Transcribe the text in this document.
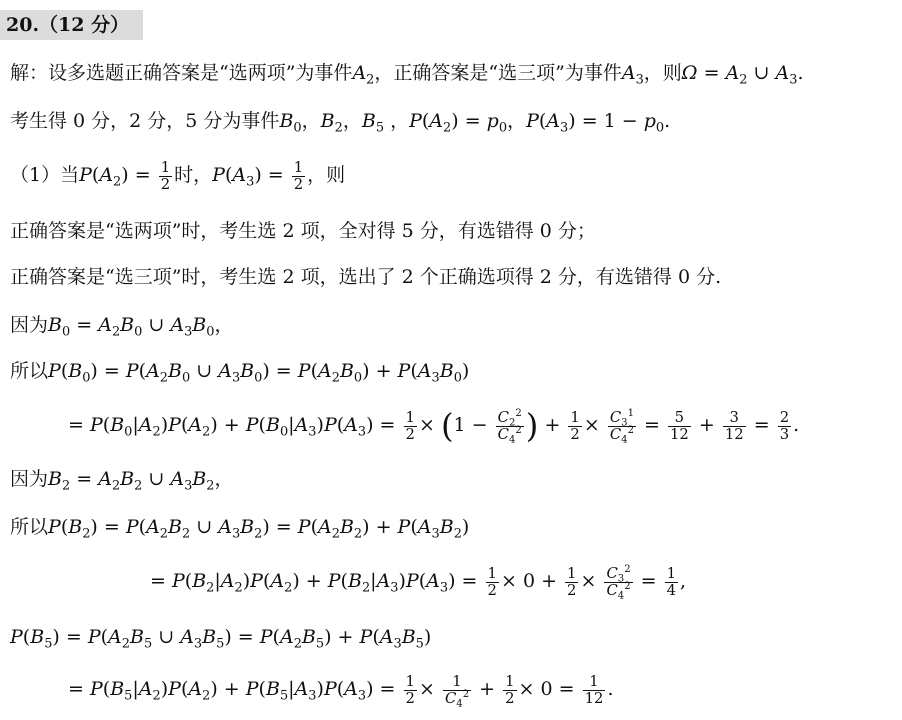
20.（12 分）
解：设多选题正确答案是“选两项”为事件$A_2$，正确答案是“选三项”为事件$A_3$，则$\Omega = A_2$ ∪ $A_3$.
考生得 0 分，2 分，5 分为事件$B_0$，$B_2$，$B_5$ ，$P(A_2) = p_0$，$P(A_3) = 1 - p_0$.
（1）当$P(A_2) = \frac{1}{2}$ 时，$P(A_3) = \frac{1}{2}$ ，则
正确答案是“选两项”时，考生选 2 项，全对得 5 分，有选错得 0 分；
正确答案是“选三项”时，考生选 2 项，选出了 2 个正确选项得 2 分，有选错得 0 分.
因为$B_0 = A_2B_0$ ∪ $A_3B_0$，
所以$P(B_0) = P(A_2B_0$ ∪ $A_3B_0) = P(A_2B_0) + P(A_3B_0)$
= $P(B_0|A_2)P(A_2) + P(B_0|A_3)P(A_3) = \frac{1}{2} \times (1 - \frac{C_2^2}{C_4^2}$ ) + $\frac{1}{2} \times \frac{C_3^1}{C_4^2} = \frac{5}{12} + \frac{3}{12} = \frac{2}{3}$ .
因为$B_2 = A_2B_2$ ∪ $A_3B_2$，
所以$P(B_2) = P(A_2B_2$ ∪ $A_3B_2) = P(A_2B_2) + P(A_3B_2)$
= $P(B_2|A_2)P(A_2) + P(B_2|A_3)P(A_3) = \frac{1}{2} \times 0 + \frac{1}{2} \times \frac{C_3^2}{C_4^2} = \frac{1}{4}$ ,
$P(B_5) = P(A_2B_5$ ∪ $A_3B_5) = P(A_2B_5) + P(A_3B_5)$
= $P(B_5|A_2)P(A_2) + P(B_5|A_3)P(A_3) = \frac{1}{2} \times \frac{1}{C_4^2} + \frac{1}{2} \times 0 = \frac{1}{12}$ .
